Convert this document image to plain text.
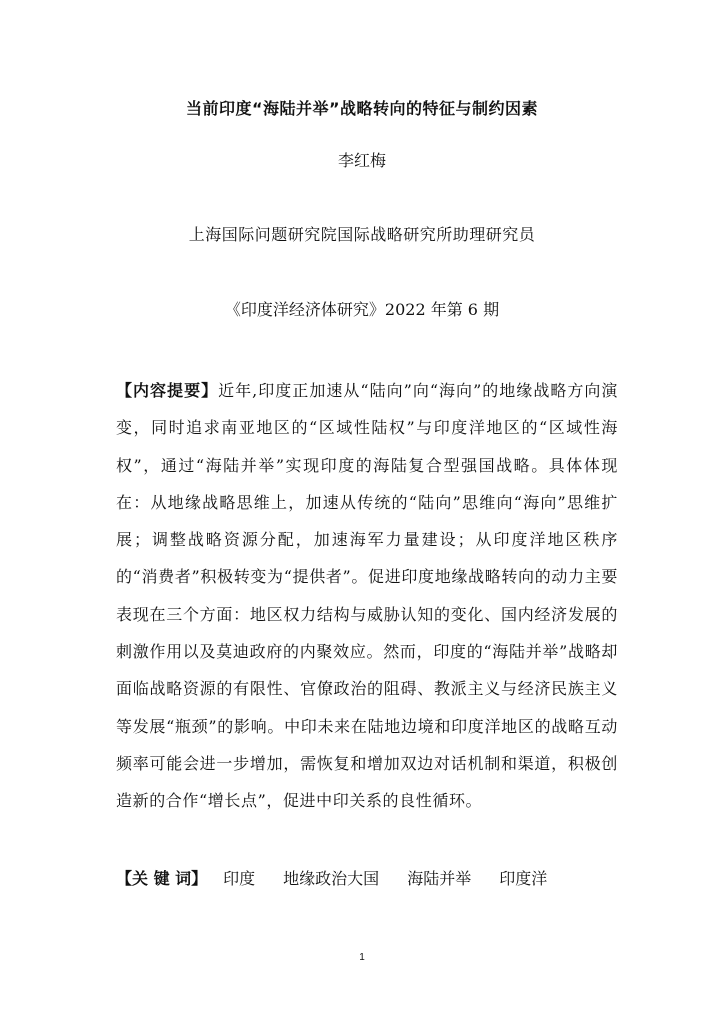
当前印度“海陆并举”战略转向的特征与制约因素
李红梅
上海国际问题研究院国际战略研究所助理研究员
《印度洋经济体研究》2022 年第 6 期
【内容提要】近年,印度正加速从“陆向”向“海向”的地缘战略方向演变，同时追求南亚地区的“区域性陆权”与印度洋地区的“区域性海权”，通过“海陆并举”实现印度的海陆复合型强国战略。具体体现在：从地缘战略思维上，加速从传统的“陆向”思维向“海向”思维扩展；调整战略资源分配，加速海军力量建设；从印度洋地区秩序的“消费者”积极转变为“提供者”。促进印度地缘战略转向的动力主要表现在三个方面：地区权力结构与威胁认知的变化、国内经济发展的刺激作用以及莫迪政府的内聚效应。然而，印度的“海陆并举”战略却面临战略资源的有限性、官僚政治的阻碍、教派主义与经济民族主义等发展“瓶颈”的影响。中印未来在陆地边境和印度洋地区的战略互动频率可能会进一步增加，需恢复和增加双边对话机制和渠道，积极创造新的合作“增长点”，促进中印关系的良性循环。
【关 键 词】 印度 地缘政治大国 海陆并举 印度洋
1
